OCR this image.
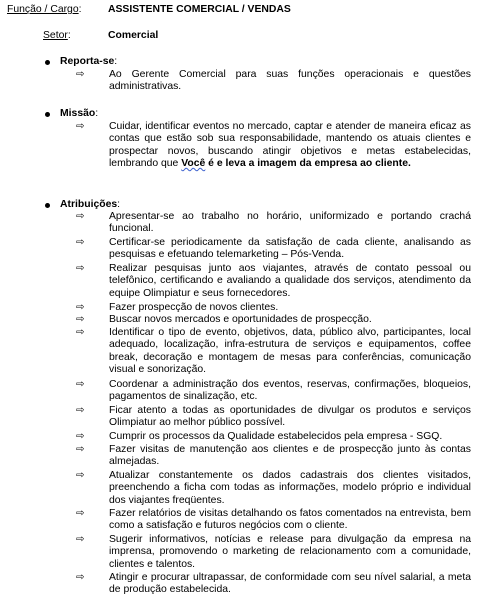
Função / Cargo:	ASSISTENTE COMERCIAL / VENDAS
Setor:	Comercial
Reporta-se:
⇨ Ao Gerente Comercial para suas funções operacionais e questões administrativas.
Missão:
⇨ Cuidar, identificar eventos no mercado, captar e atender de maneira eficaz as contas que estão sob sua responsabilidade, mantendo os atuais clientes e prospectar novos, buscando atingir objetivos e metas estabelecidas, lembrando que Você é e leva a imagem da empresa ao cliente.
Atribuições:
⇨ Apresentar-se ao trabalho no horário, uniformizado e portando crachá funcional.
⇨ Certificar-se periodicamente da satisfação de cada cliente, analisando as pesquisas e efetuando telemarketing – Pós-Venda.
⇨ Realizar pesquisas junto aos viajantes, através de contato pessoal ou telefônico, certificando e avaliando a qualidade dos serviços, atendimento da equipe Olimpiatur e seus fornecedores.
⇨ Fazer prospecção de novos clientes.
⇨ Buscar novos mercados e oportunidades de prospecção.
⇨ Identificar o tipo de evento, objetivos, data, público alvo, participantes, local adequado, localização, infra-estrutura de serviços e equipamentos, coffee break, decoração e montagem de mesas para conferências, comunicação visual e sonorização.
⇨ Coordenar a administração dos eventos, reservas, confirmações, bloqueios, pagamentos de sinalização, etc.
⇨ Ficar atento a todas as oportunidades de divulgar os produtos e serviços Olimpiatur ao melhor público possível.
⇨ Cumprir os processos da Qualidade estabelecidos pela empresa - SGQ.
⇨ Fazer visitas de manutenção aos clientes e de prospecção junto às contas almejadas.
⇨ Atualizar constantemente os dados cadastrais dos clientes visitados, preenchendo a ficha com todas as informações, modelo próprio e individual dos viajantes freqüentes.
⇨ Fazer relatórios de visitas detalhando os fatos comentados na entrevista, bem como a satisfação e futuros negócios com o cliente.
⇨ Sugerir informativos, notícias e release para divulgação da empresa na imprensa, promovendo o marketing de relacionamento com a comunidade, clientes e talentos.
⇨ Atingir e procurar ultrapassar, de conformidade com seu nível salarial, a meta de produção estabelecida.
